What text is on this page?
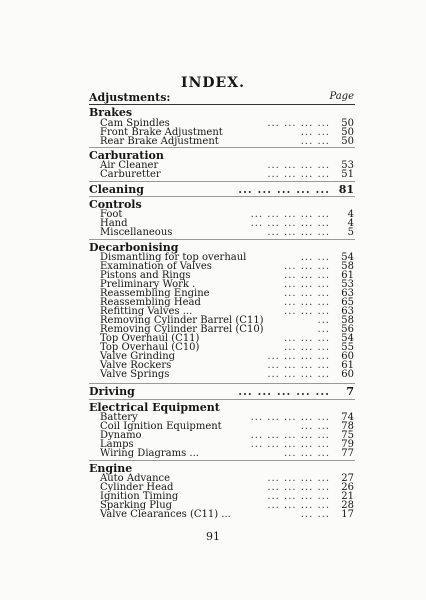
INDEX.
Adjustments:	Page
Brakes
Cam Spindles	... ... ... ... 50
Front Brake Adjustment	... ... 50
Rear Brake Adjustment	... ... 50
Carburation
Air Cleaner	... ... ... ... 53
Carburetter	... ... ... ... 51
Cleaning	... ... ... ... ... 81
Controls
Foot	... ... ... ... ... 4
Hand	... ... ... ... ... 4
Miscellaneous	... ... ... ... 5
Decarbonising
Dismantling for top overhaul	... ... 54
Examination of Valves	... ... ... 58
Pistons and Rings	... ... ... 61
Preliminary Work .	... ... ... 53
Reassembling Engine	... ... ... 63
Reassembling Head	... ... ... 65
Refitting Valves ...	... ... ... 63
Removing Cylinder Barrel (C11)	... 58
Removing Cylinder Barrel (C10)	... 56
Top Overhaul (C11)	... ... ... 54
Top Overhaul (C10)	... ... ... 55
Valve Grinding	... ... ... ... 60
Valve Rockers	... ... ... ... 61
Valve Springs	... ... ... ... 60
Driving	... ... ... ... ... 7
Electrical Equipment
Battery	... ... ... ... ... 74
Coil Ignition Equipment	... ... 78
Dynamo	... ... ... ... ... 75
Lamps	... ... ... ... ... 79
Wiring Diagrams ...	... ... ... 77
Engine
Auto Advance	... ... ... ... 27
Cylinder Head	... ... ... ... 26
Ignition Timing	... ... ... ... 21
Sparking Plug	... ... ... ... 28
Valve Clearances (C11) ...	... ... 17
91
